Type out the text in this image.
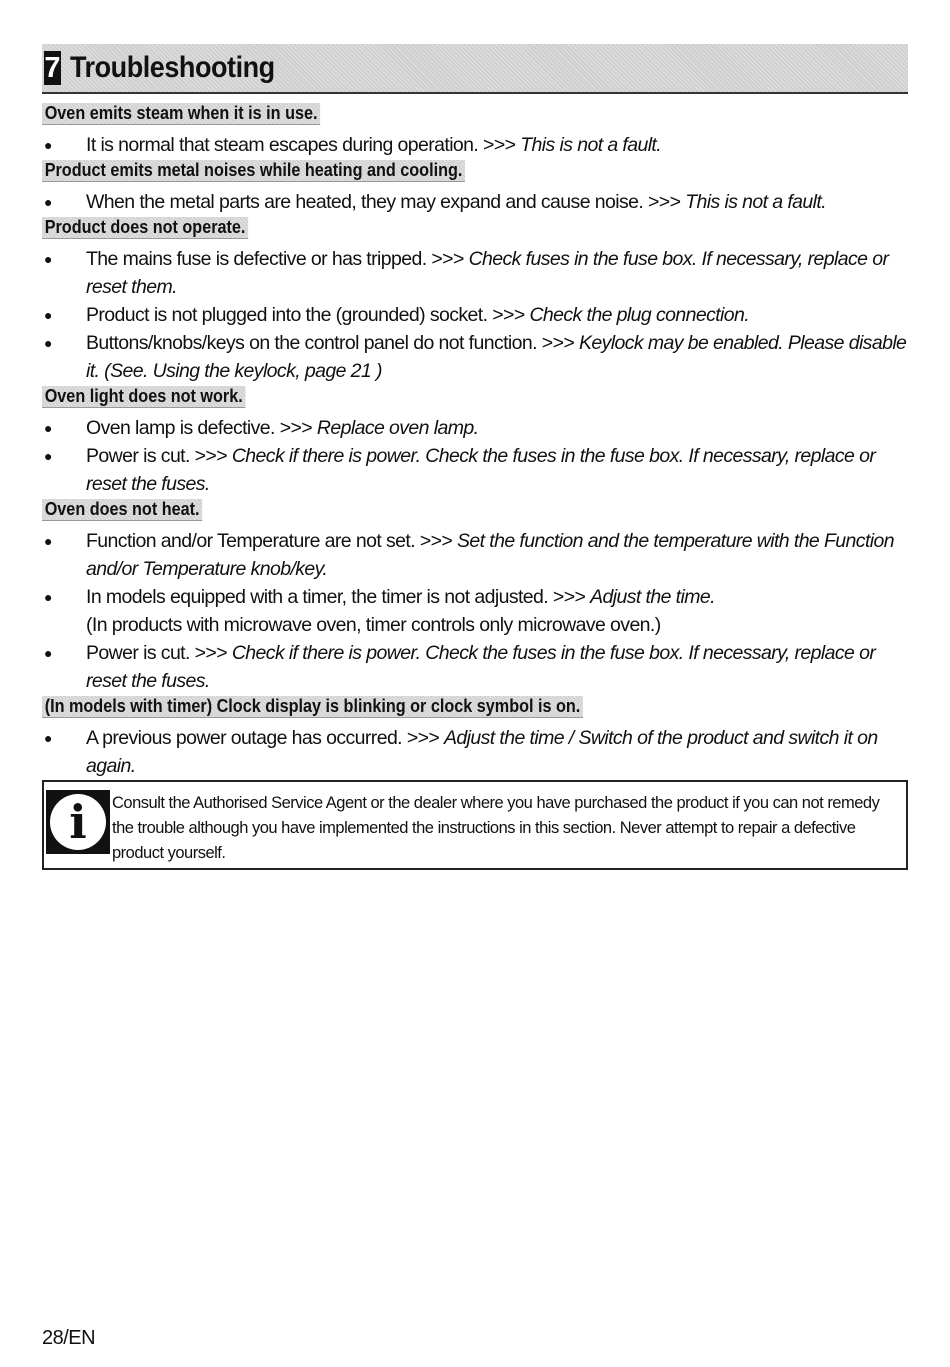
7 Troubleshooting
Oven emits steam when it is in use.
● It is normal that steam escapes during operation. >>> This is not a fault.
Product emits metal noises while heating and cooling.
● When the metal parts are heated, they may expand and cause noise. >>> This is not a fault.
Product does not operate.
● The mains fuse is defective or has tripped. >>> Check fuses in the fuse box. If necessary, replace or reset them.
● Product is not plugged into the (grounded) socket. >>> Check the plug connection.
● Buttons/knobs/keys on the control panel do not function. >>> Keylock may be enabled. Please disable it. (See. Using the keylock, page 21 )
Oven light does not work.
● Oven lamp is defective. >>> Replace oven lamp.
● Power is cut. >>> Check if there is power. Check the fuses in the fuse box. If necessary, replace or reset the fuses.
Oven does not heat.
● Function and/or Temperature are not set. >>> Set the function and the temperature with the Function and/or Temperature knob/key.
● In models equipped with a timer, the timer is not adjusted. >>> Adjust the time.
(In products with microwave oven, timer controls only microwave oven.)
● Power is cut. >>> Check if there is power. Check the fuses in the fuse box. If necessary, replace or reset the fuses.
(In models with timer) Clock display is blinking or clock symbol is on.
● A previous power outage has occurred. >>> Adjust the time / Switch of the product and switch it on again.
i	Consult the Authorised Service Agent or the dealer where you have purchased the product if you can not remedy the trouble although you have implemented the instructions in this section. Never attempt to repair a defective product yourself.
28/EN
